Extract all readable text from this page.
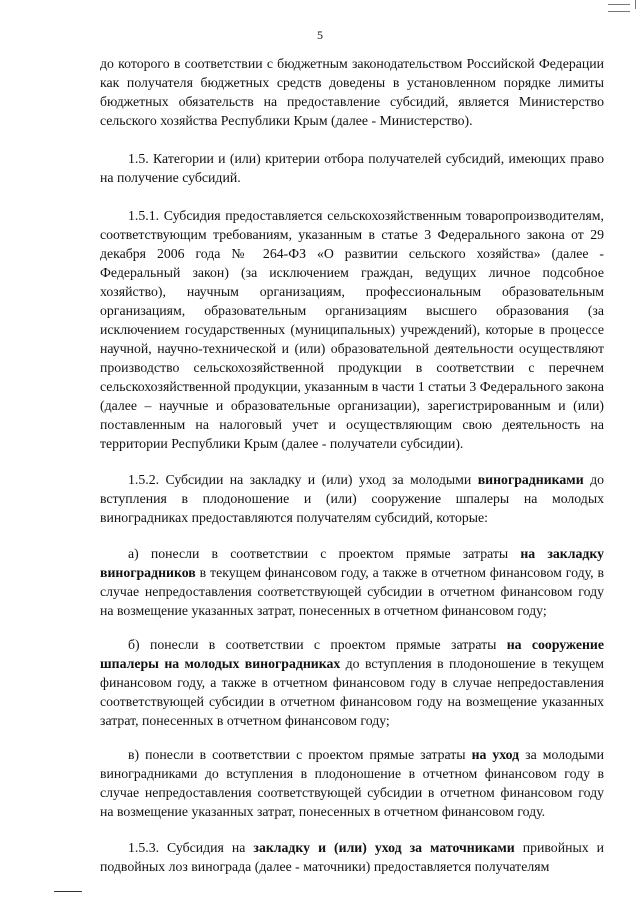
5

до которого в соответствии с бюджетным законодательством Российской Федерации как получателя бюджетных средств доведены в установленном порядке лимиты бюджетных обязательств на предоставление субсидий, является Министерство сельского хозяйства Республики Крым (далее - Министерство).

1.5. Категории и (или) критерии отбора получателей субсидий, имеющих право на получение субсидий.

1.5.1. Субсидия предоставляется сельскохозяйственным товаропроизводителям, соответствующим требованиям, указанным в статье 3 Федерального закона от 29 декабря 2006 года № 264-ФЗ «О развитии сельского хозяйства» (далее - Федеральный закон) (за исключением граждан, ведущих личное подсобное хозяйство), научным организациям, профессиональным образовательным организациям, образовательным организациям высшего образования (за исключением государственных (муниципальных) учреждений), которые в процессе научной, научно-технической и (или) образовательной деятельности осуществляют производство сельскохозяйственной продукции в соответствии с перечнем сельскохозяйственной продукции, указанным в части 1 статьи 3 Федерального закона (далее – научные и образовательные организации), зарегистрированным и (или) поставленным на налоговый учет и осуществляющим свою деятельность на территории Республики Крым (далее - получатели субсидии).

1.5.2. Субсидии на закладку и (или) уход за молодыми виноградниками до вступления в плодоношение и (или) сооружение шпалеры на молодых виноградниках предоставляются получателям субсидий, которые:

а) понесли в соответствии с проектом прямые затраты на закладку виноградников в текущем финансовом году, а также в отчетном финансовом году, в случае непредоставления соответствующей субсидии в отчетном финансовом году на возмещение указанных затрат, понесенных в отчетном финансовом году;

б) понесли в соответствии с проектом прямые затраты на сооружение шпалеры на молодых виноградниках до вступления в плодоношение в текущем финансовом году, а также в отчетном финансовом году в случае непредоставления соответствующей субсидии в отчетном финансовом году на возмещение указанных затрат, понесенных в отчетном финансовом году;

в) понесли в соответствии с проектом прямые затраты на уход за молодыми виноградниками до вступления в плодоношение в отчетном финансовом году в случае непредоставления соответствующей субсидии в отчетном финансовом году на возмещение указанных затрат, понесенных в отчетном финансовом году.

1.5.3. Субсидия на закладку и (или) уход за маточниками привойных и подвойных лоз винограда (далее - маточники) предоставляется получателям
